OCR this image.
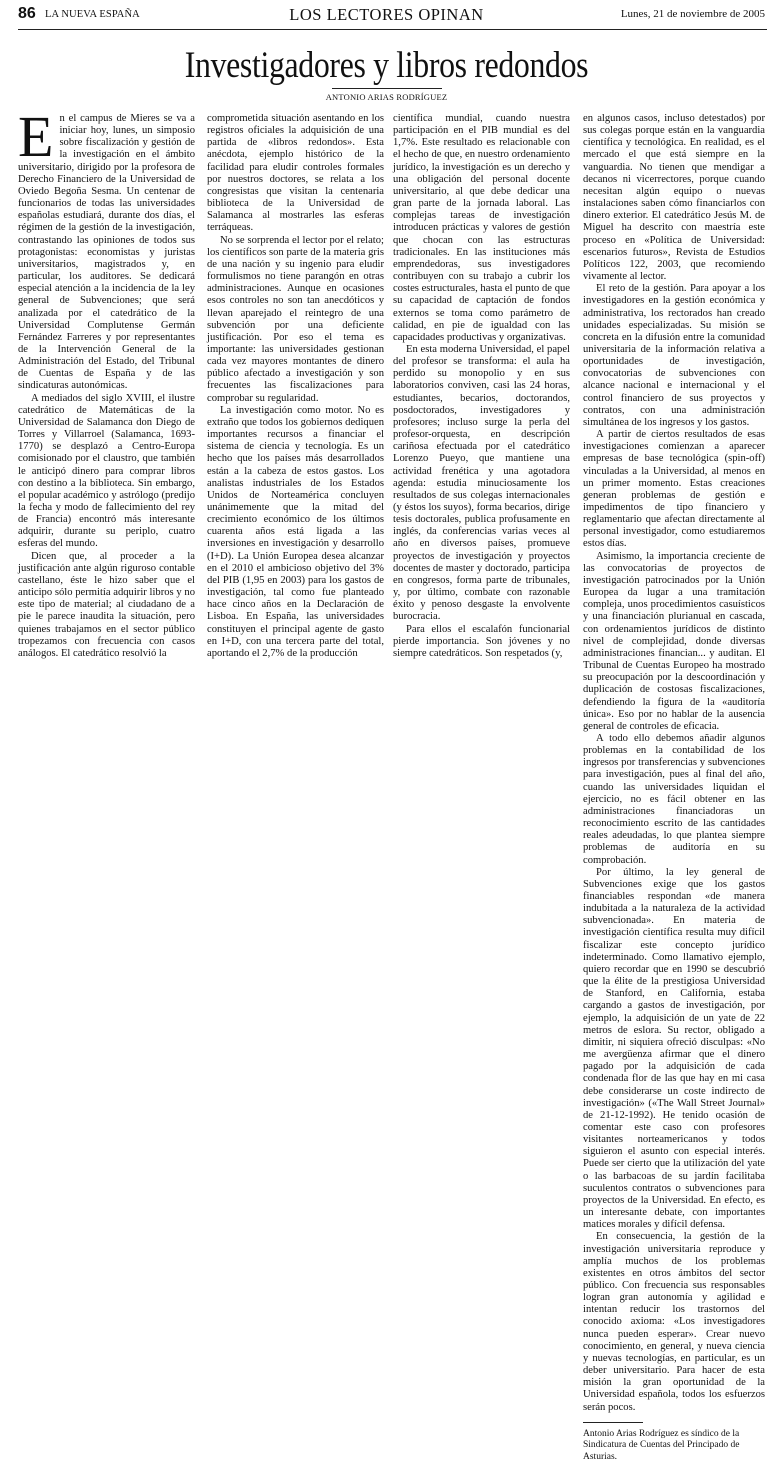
86 LA NUEVA ESPAÑA	LOS LECTORES OPINAN	Lunes, 21 de noviembre de 2005
Investigadores y libros redondos
ANTONIO ARIAS RODRÍGUEZ

En el campus de Mieres se va a iniciar hoy, lunes, un simposio sobre fiscalización y gestión de la investigación en el ámbito universitario, dirigido por la profesora de Derecho Financiero de la Universidad de Oviedo Begoña Sesma. Un centenar de funcionarios de todas las universidades españolas estudiará, durante dos días, el régimen de la gestión de la investigación, contrastando las opiniones de todos sus protagonistas: economistas y juristas universitarios, magistrados y, en particular, los auditores. Se dedicará especial atención a la incidencia de la ley general de Subvenciones; que será analizada por el catedrático de la Universidad Complutense Germán Fernández Farreres y por representantes de la Intervención General de la Administración del Estado, del Tribunal de Cuentas de España y de las sindicaturas autonómicas.

A mediados del siglo XVIII, el ilustre catedrático de Matemáticas de la Universidad de Salamanca don Diego de Torres y Villarroel (Salamanca, 1693-1770) se desplazó a Centro-Europa comisionado por el claustro, que también le anticipó dinero para comprar libros con destino a la biblioteca. Sin embargo, el popular académico y astrólogo (predijo la fecha y modo de fallecimiento del rey de Francia) encontró más interesante adquirir, durante su periplo, cuatro esferas del mundo.

Dicen que, al proceder a la justificación ante algún riguroso contable castellano, éste le hizo saber que el anticipo sólo permitía adquirir libros y no este tipo de material; al ciudadano de a pie le parece inaudita la situación, pero quienes trabajamos en el sector público tropezamos con frecuencia con casos análogos. El catedrático resolvió la

comprometida situación asentando en los registros oficiales la adquisición de una partida de «libros redondos». Esta anécdota, ejemplo histórico de la facilidad para eludir controles formales por nuestros doctores, se relata a los congresistas que visitan la centenaria biblioteca de la Universidad de Salamanca al mostrarles las esferas terráqueas.

No se sorprenda el lector por el relato; los científicos son parte de la materia gris de una nación y su ingenio para eludir formulismos no tiene parangón en otras administraciones. Aunque en ocasiones esos controles no son tan anecdóticos y llevan aparejado el reintegro de una subvención por una deficiente justificación. Por eso el tema es importante: las universidades gestionan cada vez mayores montantes de dinero público afectado a investigación y son frecuentes las fiscalizaciones para comprobar su regularidad.

La investigación como motor. No es extraño que todos los gobiernos dediquen importantes recursos a financiar el sistema de ciencia y tecnología. Es un hecho que los países más desarrollados están a la cabeza de estos gastos. Los analistas industriales de los Estados Unidos de Norteamérica concluyen unánimemente que la mitad del crecimiento económico de los últimos cuarenta años está ligada a las inversiones en investigación y desarrollo (I+D). La Unión Europea desea alcanzar en el 2010 el ambicioso objetivo del 3% del PIB (1,95 en 2003) para los gastos de investigación, tal como fue planteado hace cinco años en la Declaración de Lisboa. En España, las universidades constituyen el principal agente de gasto en I+D, con una tercera parte del total, aportando el 2,7% de la producción

científica mundial, cuando nuestra participación en el PIB mundial es del 1,7%. Este resultado es relacionable con el hecho de que, en nuestro ordenamiento jurídico, la investigación es un derecho y una obligación del personal docente universitario, al que debe dedicar una gran parte de la jornada laboral. Las complejas tareas de investigación introducen prácticas y valores de gestión que chocan con las estructuras tradicionales. En las instituciones más emprendedoras, sus investigadores contribuyen con su trabajo a cubrir los costes estructurales, hasta el punto de que su capacidad de captación de fondos externos se toma como parámetro de calidad, en pie de igualdad con las capacidades productivas y organizativas.

En esta moderna Universidad, el papel del profesor se transforma: el aula ha perdido su monopolio y en sus laboratorios conviven, casi las 24 horas, estudiantes, becarios, doctorandos, posdoctorados, investigadores y profesores; incluso surge la perla del profesor-orquesta, en descripción cariñosa efectuada por el catedrático Lorenzo Pueyo, que mantiene una actividad frenética y una agotadora agenda: estudia minuciosamente los resultados de sus colegas internacionales (y éstos los suyos), forma becarios, dirige tesis doctorales, publica profusamente en inglés, da conferencias varias veces al año en diversos países, promueve proyectos de investigación y proyectos docentes de master y doctorado, participa en congresos, forma parte de tribunales, y, por último, combate con razonable éxito y penoso desgaste la envolvente burocracia.

Para ellos el escalafón funcionarial pierde importancia. Son jóvenes y no siempre catedráticos. Son respetados (y,

en algunos casos, incluso detestados) por sus colegas porque están en la vanguardia científica y tecnológica. En realidad, es el mercado el que está siempre en la vanguardia. No tienen que mendigar a decanos ni vicerrectores, porque cuando necesitan algún equipo o nuevas instalaciones saben cómo financiarlos con dinero exterior. El catedrático Jesús M. de Miguel ha descrito con maestría este proceso en «Política de Universidad: escenarios futuros», Revista de Estudios Políticos 122, 2003, que recomiendo vivamente al lector.

El reto de la gestión. Para apoyar a los investigadores en la gestión económica y administrativa, los rectorados han creado unidades especializadas. Su misión se concreta en la difusión entre la comunidad universitaria de la información relativa a oportunidades de investigación, convocatorias de subvenciones con alcance nacional e internacional y el control financiero de sus proyectos y contratos, con una administración simultánea de los ingresos y los gastos.

A partir de ciertos resultados de esas investigaciones comienzan a aparecer empresas de base tecnológica (spin-off) vinculadas a la Universidad, al menos en un primer momento. Estas creaciones generan problemas de gestión e impedimentos de tipo financiero y reglamentario que afectan directamente al personal investigador, como estudiaremos estos días.

Asimismo, la importancia creciente de las convocatorias de proyectos de investigación patrocinados por la Unión Europea da lugar a una tramitación compleja, unos procedimientos casuísticos y una financiación plurianual en cascada, con ordenamientos jurídicos de distinto nivel de complejidad, donde diversas administraciones financian... y auditan. El Tribunal de Cuentas Europeo ha mostrado su preocupación por la descoordinación y duplicación de costosas fiscalizaciones, defendiendo la figura de la «auditoría única». Eso por no hablar de la ausencia general de controles de eficacia.

A todo ello debemos añadir algunos problemas en la contabilidad de los ingresos por transferencias y subvenciones para investigación, pues al final del año, cuando las universidades liquidan el ejercicio, no es fácil obtener en las administraciones financiadoras un reconocimiento escrito de las cantidades reales adeudadas, lo que plantea siempre problemas de auditoría en su comprobación.

Por último, la ley general de Subvenciones exige que los gastos financiables respondan «de manera indubitada a la naturaleza de la actividad subvencionada». En materia de investigación científica resulta muy difícil fiscalizar este concepto jurídico indeterminado. Como llamativo ejemplo, quiero recordar que en 1990 se descubrió que la élite de la prestigiosa Universidad de Stanford, en California, estaba cargando a gastos de investigación, por ejemplo, la adquisición de un yate de 22 metros de eslora. Su rector, obligado a dimitir, ni siquiera ofreció disculpas: «No me avergüenza afirmar que el dinero pagado por la adquisición de cada condenada flor de las que hay en mi casa debe considerarse un coste indirecto de investigación» («The Wall Street Journal» de 21-12-1992). He tenido ocasión de comentar este caso con profesores visitantes norteamericanos y todos siguieron el asunto con especial interés. Puede ser cierto que la utilización del yate o las barbacoas de su jardín facilitaba suculentos contratos o subvenciones para proyectos de la Universidad. En efecto, es un interesante debate, con importantes matices morales y difícil defensa.

En consecuencia, la gestión de la investigación universitaria reproduce y amplía muchos de los problemas existentes en otros ámbitos del sector público. Con frecuencia sus responsables logran gran autonomía y agilidad e intentan reducir los trastornos del conocido axioma: «Los investigadores nunca pueden esperar». Crear nuevo conocimiento, en general, y nueva ciencia y nuevas tecnologías, en particular, es un deber universitario. Para hacer de esta misión la gran oportunidad de la Universidad española, todos los esfuerzos serán pocos.

Antonio Arias Rodríguez es síndico de la Sindicatura de Cuentas del Principado de Asturias.
